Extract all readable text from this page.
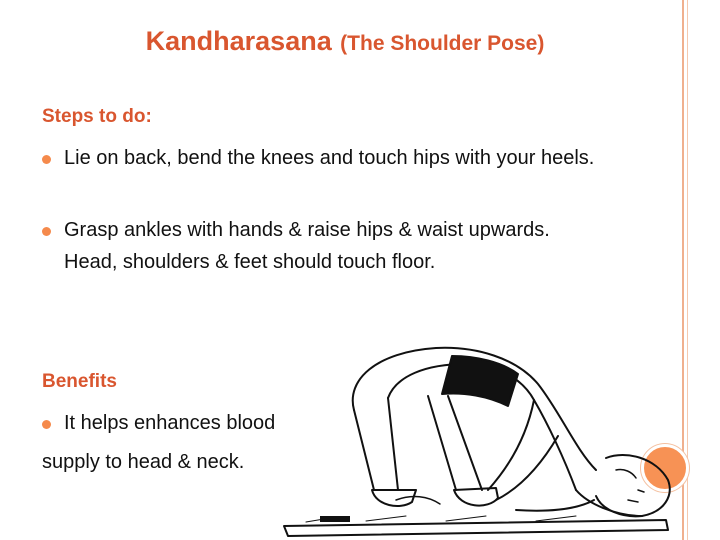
Kandharasana (The Shoulder Pose)
Steps to do:
Lie on back, bend the knees and touch hips with your heels.
Grasp ankles with hands & raise hips & waist upwards. Head, shoulders & feet should touch floor.
Benefits
It helps enhances blood
supply to head & neck.
